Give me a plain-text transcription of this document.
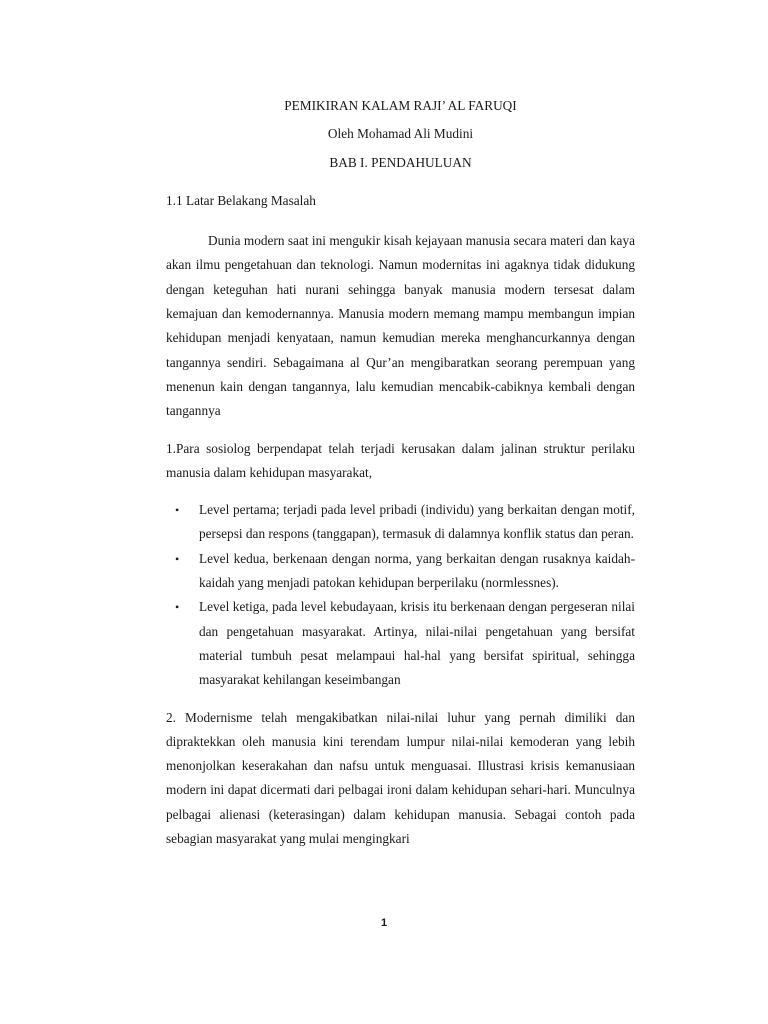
PEMIKIRAN KALAM RAJI’ AL FARUQI

Oleh Mohamad Ali Mudini

BAB I. PENDAHULUAN

1.1 Latar Belakang Masalah

Dunia modern saat ini mengukir kisah kejayaan manusia secara materi dan kaya akan ilmu pengetahuan dan teknologi. Namun modernitas ini agaknya tidak didukung dengan keteguhan hati nurani sehingga banyak manusia modern tersesat dalam kemajuan dan kemodernannya. Manusia modern memang mampu membangun impian kehidupan menjadi kenyataan, namun kemudian mereka menghancurkannya dengan tangannya sendiri. Sebagaimana al Qur’an mengibaratkan seorang perempuan yang menenun kain dengan tangannya, lalu kemudian mencabik-cabiknya kembali dengan tangannya

1.Para sosiolog berpendapat telah terjadi kerusakan dalam jalinan struktur perilaku manusia dalam kehidupan masyarakat,

• Level pertama; terjadi pada level pribadi (individu) yang berkaitan dengan motif, persepsi dan respons (tanggapan), termasuk di dalamnya konflik status dan peran.
• Level kedua, berkenaan dengan norma, yang berkaitan dengan rusaknya kaidah-kaidah yang menjadi patokan kehidupan berperilaku (normlessnes).
• Level ketiga, pada level kebudayaan, krisis itu berkenaan dengan pergeseran nilai dan pengetahuan masyarakat. Artinya, nilai-nilai pengetahuan yang bersifat material tumbuh pesat melampaui hal-hal yang bersifat spiritual, sehingga masyarakat kehilangan keseimbangan

2. Modernisme telah mengakibatkan nilai-nilai luhur yang pernah dimiliki dan dipraktekkan oleh manusia kini terendam lumpur nilai-nilai kemoderan yang lebih menonjolkan keserakahan dan nafsu untuk menguasai. Illustrasi krisis kemanusiaan modern ini dapat dicermati dari pelbagai ironi dalam kehidupan sehari-hari. Munculnya pelbagai alienasi (keterasingan) dalam kehidupan manusia. Sebagai contoh pada sebagian masyarakat yang mulai mengingkari

1
